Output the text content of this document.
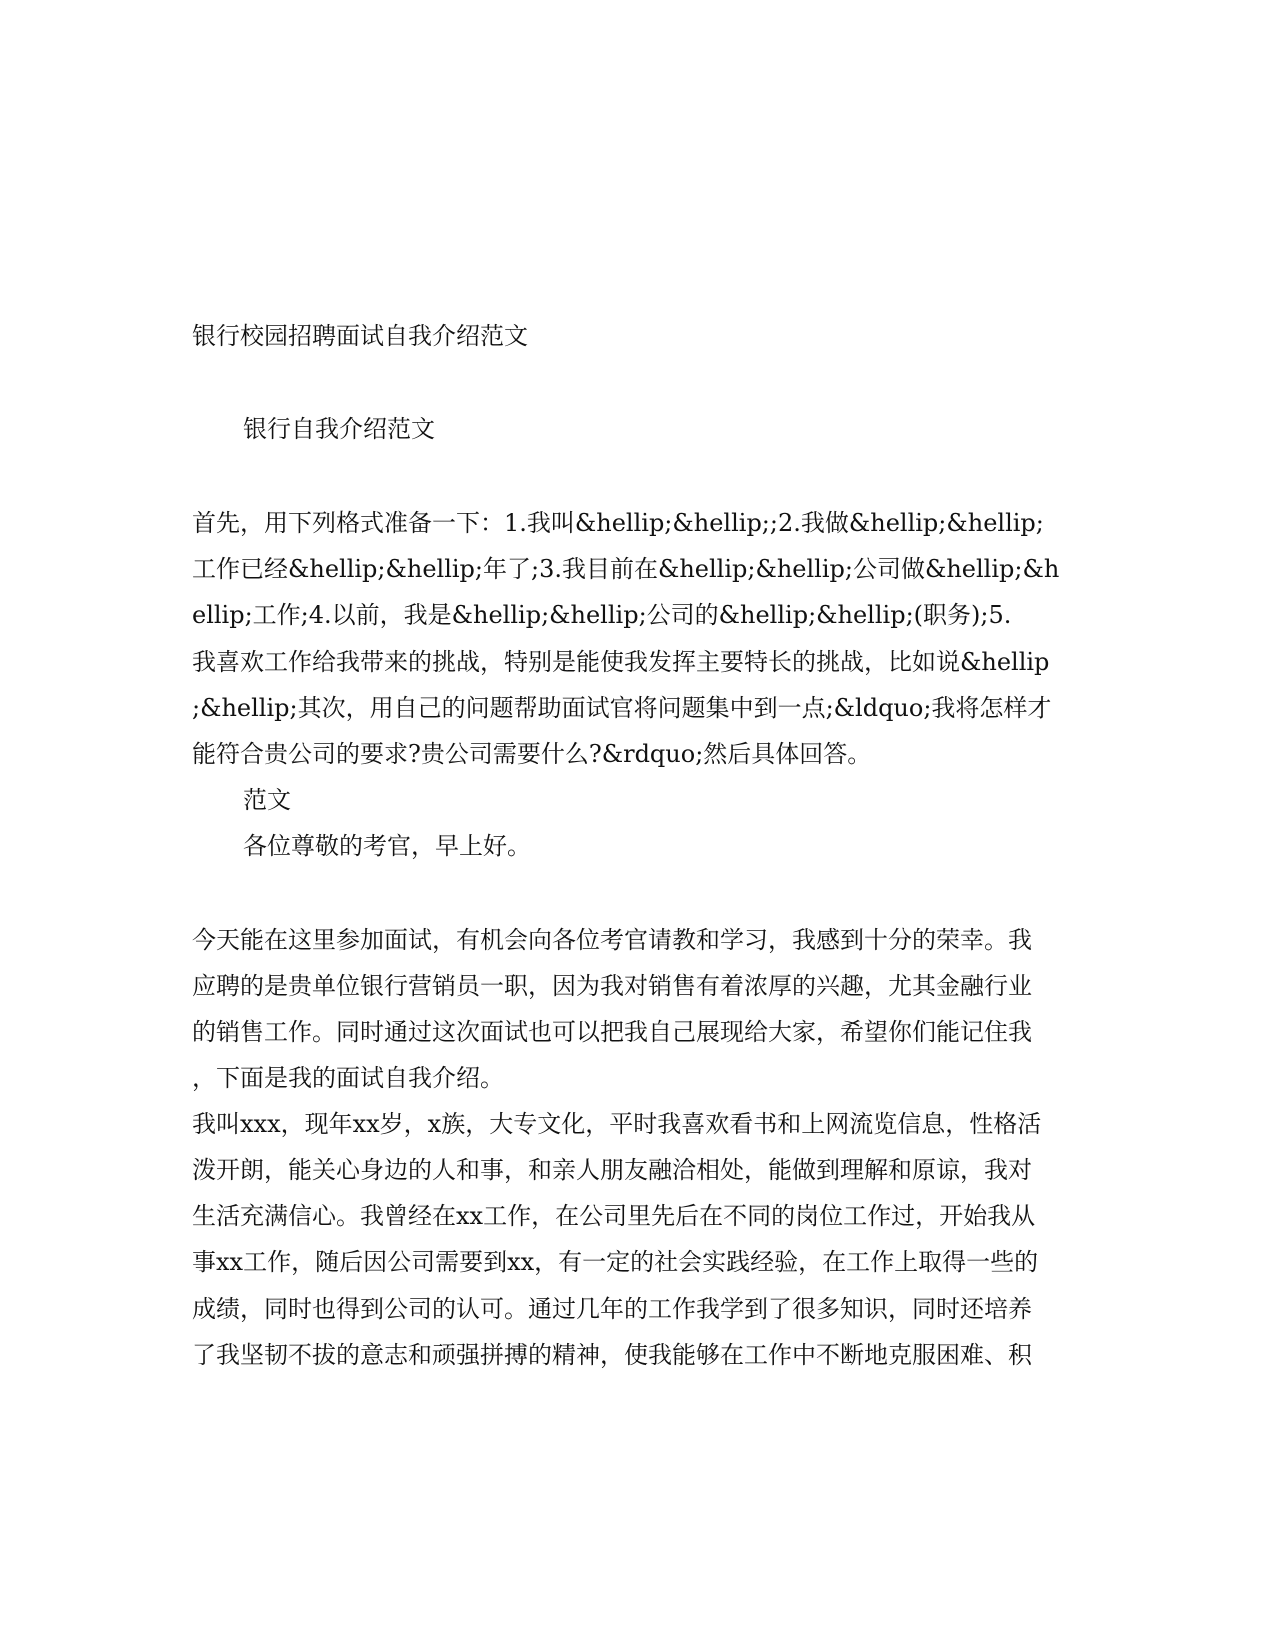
银行校园招聘面试自我介绍范文
银行自我介绍范文
首先，用下列格式准备一下：1.我叫&hellip;&hellip;;2.我做&hellip;&hellip;
工作已经&hellip;&hellip;年了;3.我目前在&hellip;&hellip;公司做&hellip;&h
ellip;工作;4.以前，我是&hellip;&hellip;公司的&hellip;&hellip;(职务);5.
我喜欢工作给我带来的挑战，特别是能使我发挥主要特长的挑战，比如说&hellip
;&hellip;其次，用自己的问题帮助面试官将问题集中到一点;&ldquo;我将怎样才
能符合贵公司的要求?贵公司需要什么?&rdquo;然后具体回答。
范文
各位尊敬的考官，早上好。
今天能在这里参加面试，有机会向各位考官请教和学习，我感到十分的荣幸。我
应聘的是贵单位银行营销员一职，因为我对销售有着浓厚的兴趣，尤其金融行业
的销售工作。同时通过这次面试也可以把我自己展现给大家，希望你们能记住我
，下面是我的面试自我介绍。
我叫xxx，现年xx岁，x族，大专文化，平时我喜欢看书和上网流览信息，性格活
泼开朗，能关心身边的人和事，和亲人朋友融洽相处，能做到理解和原谅，我对
生活充满信心。我曾经在xx工作，在公司里先后在不同的岗位工作过，开始我从
事xx工作，随后因公司需要到xx，有一定的社会实践经验，在工作上取得一些的
成绩，同时也得到公司的认可。通过几年的工作我学到了很多知识，同时还培养
了我坚韧不拔的意志和顽强拼搏的精神，使我能够在工作中不断地克服困难、积
